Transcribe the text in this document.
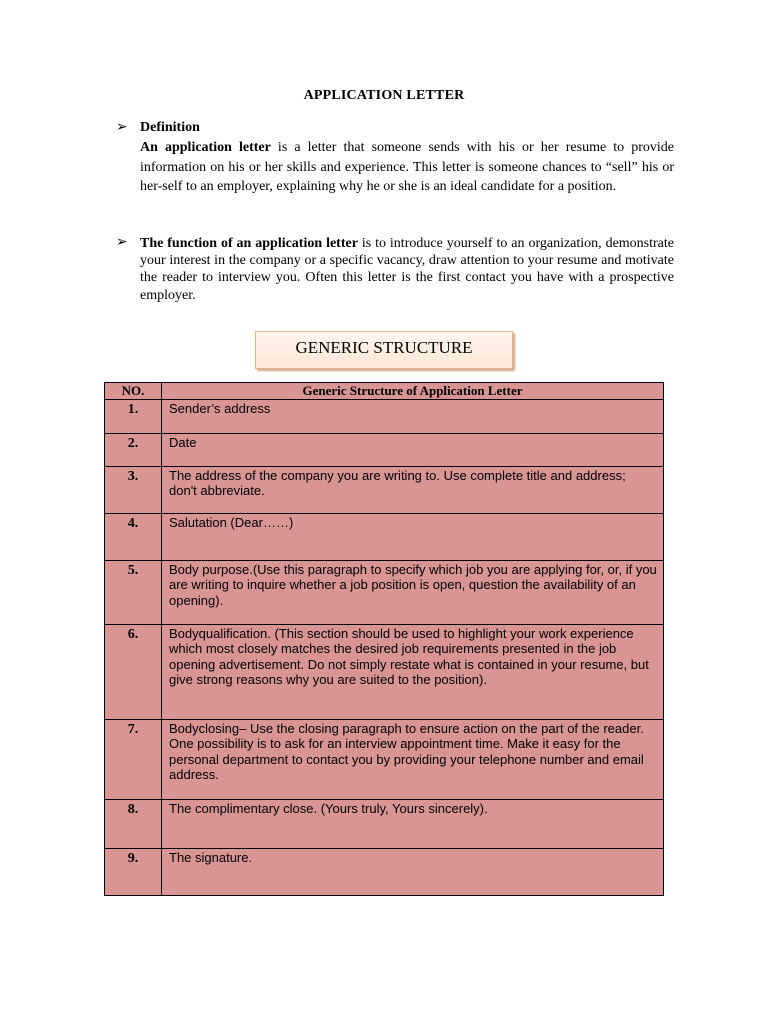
APPLICATION LETTER
➢ Definition
An application letter is a letter that someone sends with his or her resume to provide information on his or her skills and experience. This letter is someone chances to “sell” his or her-self to an employer, explaining why he or she is an ideal candidate for a position.
➢ The function of an application letter is to introduce yourself to an organization, demonstrate your interest in the company or a specific vacancy, draw attention to your resume and motivate the reader to interview you. Often this letter is the first contact you have with a prospective employer.
GENERIC STRUCTURE
NO.	Generic Structure of Application Letter
1.	Sender’s address
2.	Date
3.	The address of the company you are writing to. Use complete title and address; don't abbreviate.
4.	Salutation (Dear……)
5.	Body purpose.(Use this paragraph to specify which job you are applying for, or, if you are writing to inquire whether a job position is open, question the availability of an opening).
6.	Bodyqualification. (This section should be used to highlight your work experience which most closely matches the desired job requirements presented in the job opening advertisement. Do not simply restate what is contained in your resume, but give strong reasons why you are suited to the position).
7.	Bodyclosing– Use the closing paragraph to ensure action on the part of the reader. One possibility is to ask for an interview appointment time. Make it easy for the personal department to contact you by providing your telephone number and email address.
8.	The complimentary close. (Yours truly, Yours sincerely).
9.	The signature.
